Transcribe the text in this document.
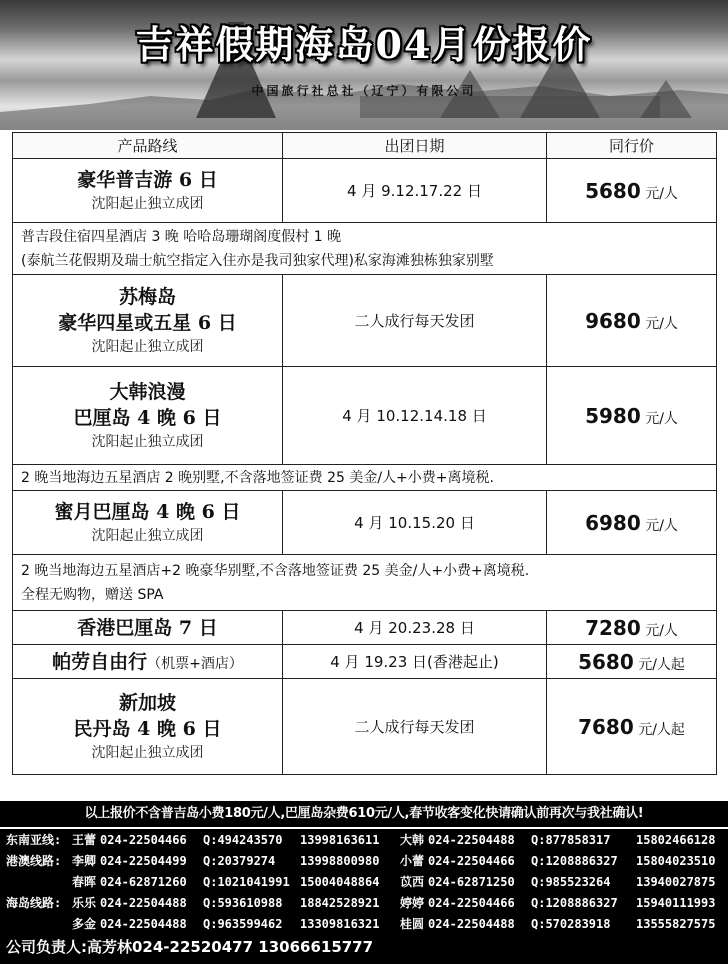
吉祥假期海岛04月份报价
中国旅行社总社（辽宁）有限公司
产品路线	出团日期	同行价

豪华普吉游 6 日
沈阳起止独立成团	4 月 9.12.17.22 日	5680 元/人

普吉段住宿四星酒店 3 晚 哈哈岛珊瑚阁度假村 1 晚
(泰航兰花假期及瑞士航空指定入住亦是我司独家代理)私家海滩独栋独家别墅		

苏梅岛
豪华四星或五星 6 日
沈阳起止独立成团	二人成行每天发团	9680 元/人

大韩浪漫
巴厘岛 4 晚 6 日
沈阳起止独立成团	4 月 10.12.14.18 日	5980 元/人

2 晚当地海边五星酒店 2 晚别墅,不含落地签证费 25 美金/人+小费+离境税.		

蜜月巴厘岛 4 晚 6 日
沈阳起止独立成团	4 月 10.15.20 日	6980 元/人

2 晚当地海边五星酒店+2 晚豪华别墅,不含落地签证费 25 美金/人+小费+离境税.
全程无购物，赠送 SPA		

香港巴厘岛 7 日	4 月 20.23.28 日	7280 元/人
帕劳自由行（机票+酒店）	4 月 19.23 日(香港起止)	5680 元/人起

新加坡
民丹岛 4 晚 6 日
沈阳起止独立成团	二人成行每天发团	7680 元/人起
以上报价不含普吉岛小费180元/人,巴厘岛杂费610元/人,春节收客变化快请确认前再次与我社确认!
东南亚线: 王蕾 024-22504466 Q:494243570 13998163611 大韩 024-22504488 Q:877858317 15802466128
港澳线路: 李卿 024-22504499 Q:20379274 13998800980 小蕾 024-22504466 Q:1208886327 15804023510
春晖 024-62871260 Q:1021041991 15004048864 苡西 024-62871250 Q:985523264 13940027875
海岛线路: 乐乐 024-22504488 Q:593610988 18842528921 婷婷 024-22504466 Q:1208886327 15940111993
多金 024-22504488 Q:963599462 13309816321 桂圆 024-22504488 Q:570283918 13555827575
公司负责人:高芳林024-22520477 13066615777
